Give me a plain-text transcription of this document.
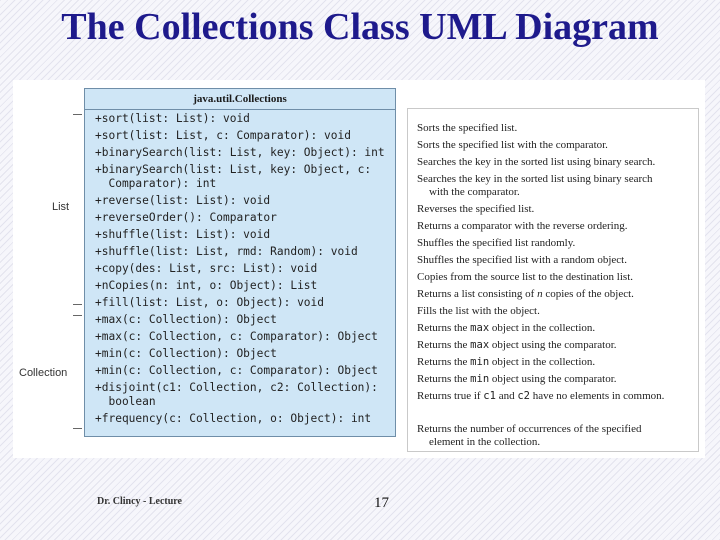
The Collections Class UML Diagram
List
Collection
java.util.Collections
+sort(list: List): void
+sort(list: List, c: Comparator): void
+binarySearch(list: List, key: Object): int
+binarySearch(list: List, key: Object, c:
Comparator): int
+reverse(list: List): void
+reverseOrder(): Comparator
+shuffle(list: List): void
+shuffle(list: List, rmd: Random): void
+copy(des: List, src: List): void
+nCopies(n: int, o: Object): List
+fill(list: List, o: Object): void
+max(c: Collection): Object
+max(c: Collection, c: Comparator): Object
+min(c: Collection): Object
+min(c: Collection, c: Comparator): Object
+disjoint(c1: Collection, c2: Collection):
boolean
+frequency(c: Collection, o: Object): int
Sorts the specified list.
Sorts the specified list with the comparator.
Searches the key in the sorted list using binary search.
Searches the key in the sorted list using binary search
with the comparator.
Reverses the specified list.
Returns a comparator with the reverse ordering.
Shuffles the specified list randomly.
Shuffles the specified list with a random object.
Copies from the source list to the destination list.
Returns a list consisting of n copies of the object.
Fills the list with the object.
Returns the max object in the collection.
Returns the max object using the comparator.
Returns the min object in the collection.
Returns the min object using the comparator.
Returns true if c1 and c2 have no elements in common.
Returns the number of occurrences of the specified
element in the collection.
Dr. Clincy - Lecture	17
